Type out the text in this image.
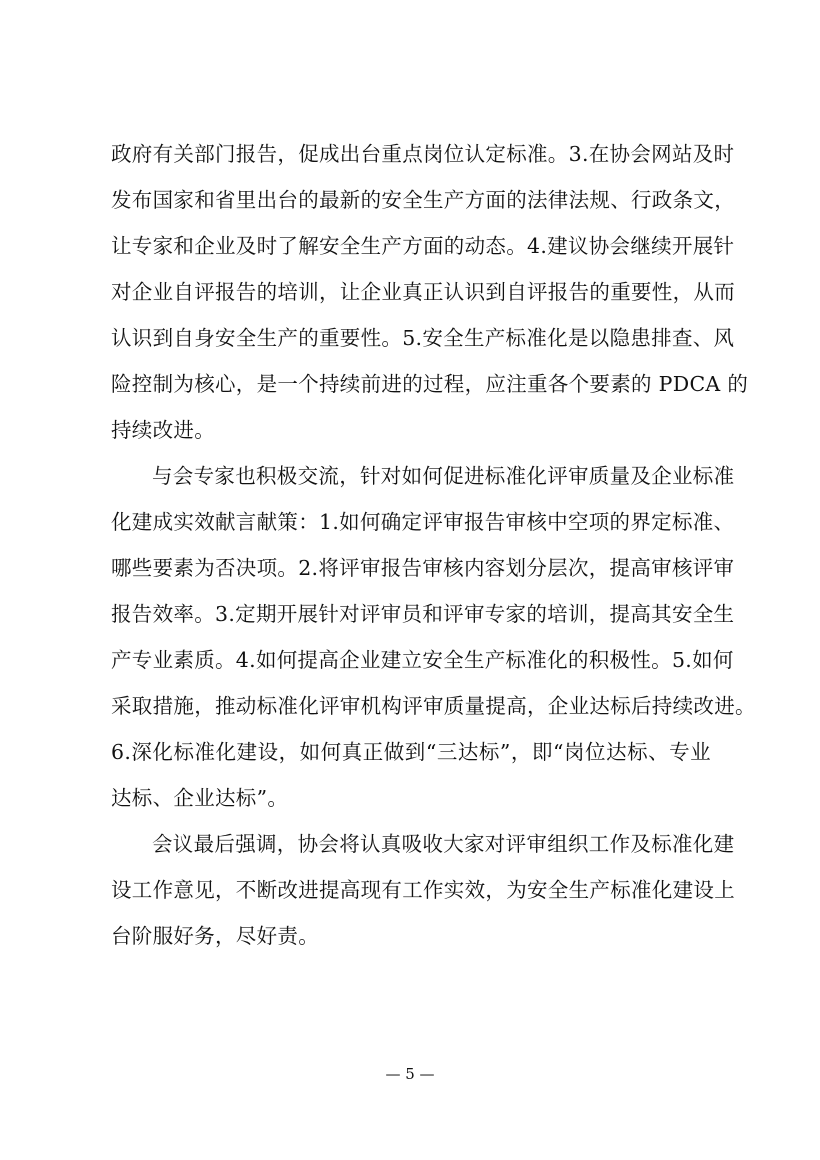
政府有关部门报告，促成出台重点岗位认定标准。3.在协会网站及时
发布国家和省里出台的最新的安全生产方面的法律法规、行政条文，
让专家和企业及时了解安全生产方面的动态。4.建议协会继续开展针
对企业自评报告的培训，让企业真正认识到自评报告的重要性，从而
认识到自身安全生产的重要性。5.安全生产标准化是以隐患排查、风
险控制为核心，是一个持续前进的过程，应注重各个要素的 PDCA 的
持续改进。
与会专家也积极交流，针对如何促进标准化评审质量及企业标准
化建成实效献言献策：1.如何确定评审报告审核中空项的界定标准、
哪些要素为否决项。2.将评审报告审核内容划分层次，提高审核评审
报告效率。3.定期开展针对评审员和评审专家的培训，提高其安全生
产专业素质。4.如何提高企业建立安全生产标准化的积极性。5.如何
采取措施，推动标准化评审机构评审质量提高，企业达标后持续改进。
6.深化标准化建设，如何真正做到“三达标”，即“岗位达标、专业
达标、企业达标”。
会议最后强调，协会将认真吸收大家对评审组织工作及标准化建
设工作意见，不断改进提高现有工作实效，为安全生产标准化建设上
台阶服好务，尽好责。
— 5 —
